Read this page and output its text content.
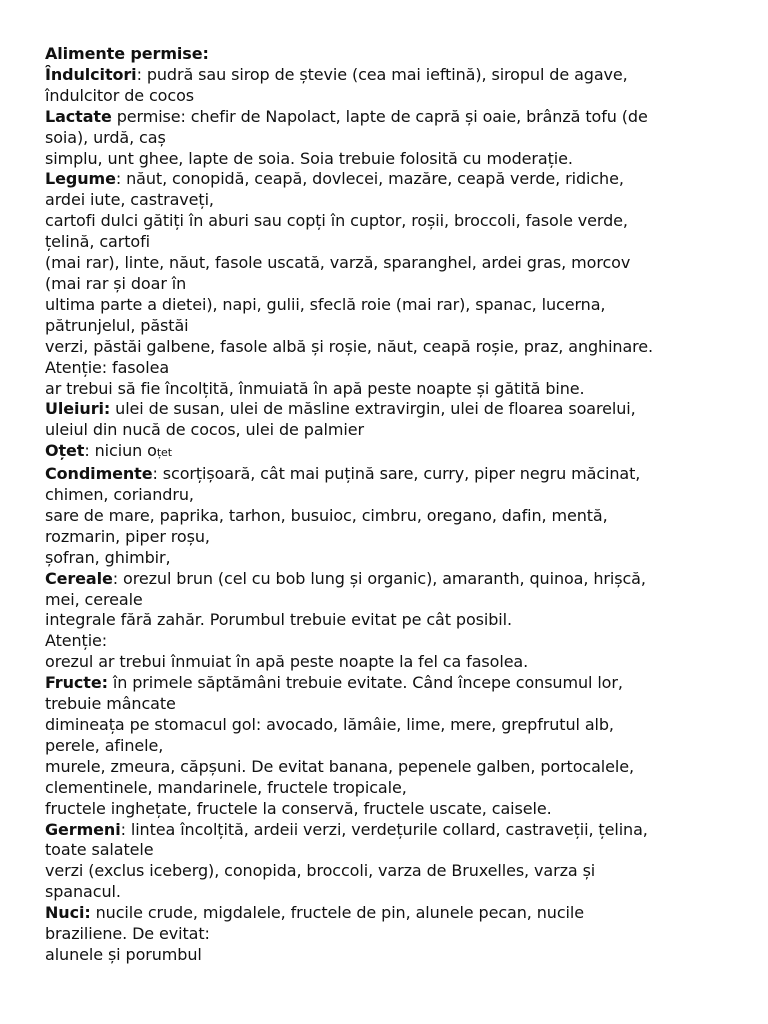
Alimente permise:
Îndulcitori: pudră sau sirop de ștevie (cea mai ieftină), siropul de agave,
îndulcitor de cocos
Lactate permise: chefir de Napolact, lapte de capră și oaie, brânză tofu (de
soia), urdă, caș
simplu, unt ghee, lapte de soia. Soia trebuie folosită cu moderație.
Legume: năut, conopidă, ceapă, dovlecei, mazăre, ceapă verde, ridiche,
ardei iute, castraveți,
cartofi dulci gătiți în aburi sau copți în cuptor, roșii, broccoli, fasole verde,
țelină, cartofi
(mai rar), linte, năut, fasole uscată, varză, sparanghel, ardei gras, morcov
(mai rar și doar în
ultima parte a dietei), napi, gulii, sfeclă roie (mai rar), spanac, lucerna,
pătrunjelul, păstăi
verzi, păstăi galbene, fasole albă și roșie, năut, ceapă roșie, praz, anghinare.
Atenție: fasolea
ar trebui să fie încolțită, înmuiată în apă peste noapte și gătită bine.
Uleiuri: ulei de susan, ulei de măsline extravirgin, ulei de floarea soarelui,
uleiul din nucă de cocos, ulei de palmier
Oțet: niciun oțet
Condimente: scorțișoară, cât mai puțină sare, curry, piper negru măcinat,
chimen, coriandru,
sare de mare, paprika, tarhon, busuioc, cimbru, oregano, dafin, mentă,
rozmarin, piper roșu,
șofran, ghimbir,
Cereale: orezul brun (cel cu bob lung și organic), amaranth, quinoa, hrișcă,
mei, cereale
integrale fără zahăr. Porumbul trebuie evitat pe cât posibil.
Atenție:
orezul ar trebui înmuiat în apă peste noapte la fel ca fasolea.
Fructe: în primele săptămâni trebuie evitate. Când începe consumul lor,
trebuie mâncate
dimineața pe stomacul gol: avocado, lămâie, lime, mere, grepfrutul alb,
perele, afinele,
murele, zmeura, căpșuni. De evitat banana, pepenele galben, portocalele,
clementinele, mandarinele, fructele tropicale,
fructele inghețate, fructele la conservă, fructele uscate, caisele.
Germeni: lintea încolțită, ardeii verzi, verdețurile collard, castraveții, țelina,
toate salatele
verzi (exclus iceberg), conopida, broccoli, varza de Bruxelles, varza și
spanacul.
Nuci: nucile crude, migdalele, fructele de pin, alunele pecan, nucile
braziliene. De evitat:
alunele și porumbul
